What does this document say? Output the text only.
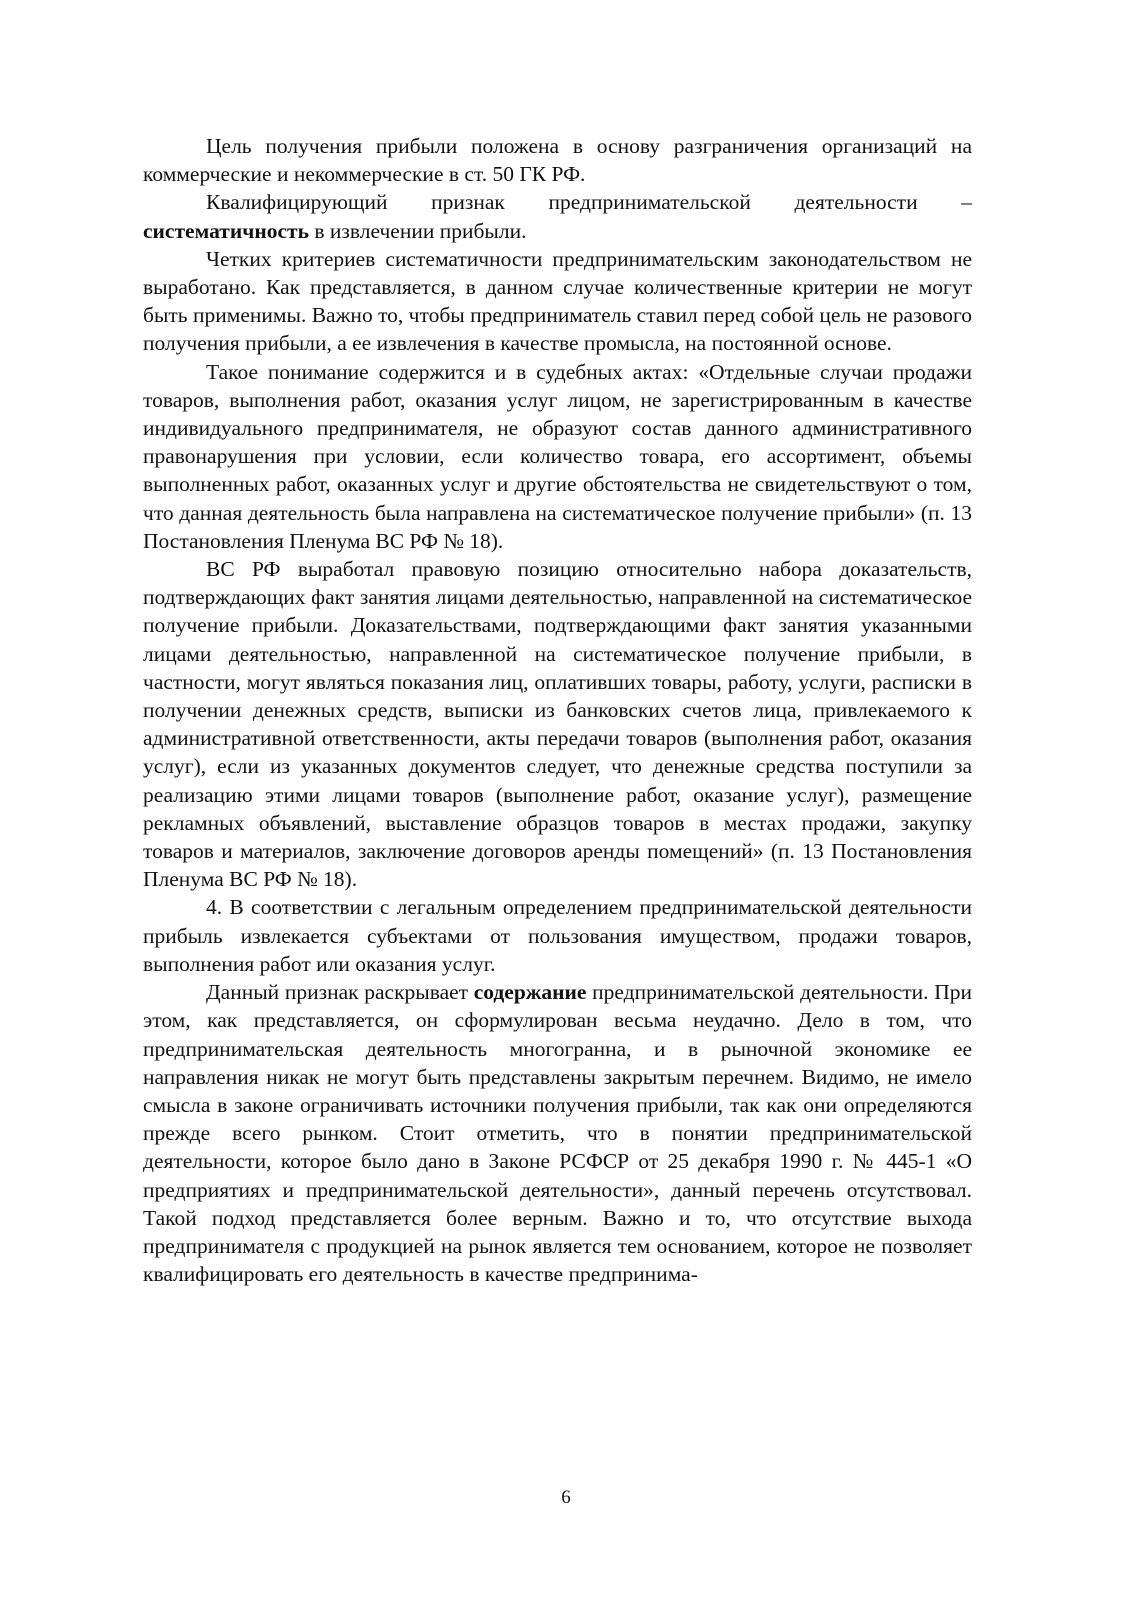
Цель получения прибыли положена в основу разграничения организаций на коммерческие и некоммерческие в ст. 50 ГК РФ.

Квалифицирующий признак предпринимательской деятельности – систематичность в извлечении прибыли.

Четких критериев систематичности предпринимательским законодательством не выработано. Как представляется, в данном случае количественные критерии не могут быть применимы. Важно то, чтобы предприниматель ставил перед собой цель не разового получения прибыли, а ее извлечения в качестве промысла, на постоянной основе.

Такое понимание содержится и в судебных актах: «Отдельные случаи продажи товаров, выполнения работ, оказания услуг лицом, не зарегистрированным в качестве индивидуального предпринимателя, не образуют состав данного административного правонарушения при условии, если количество товара, его ассортимент, объемы выполненных работ, оказанных услуг и другие обстоятельства не свидетельствуют о том, что данная деятельность была направлена на систематическое получение прибыли» (п. 13 Постановления Пленума ВС РФ № 18).

ВС РФ выработал правовую позицию относительно набора доказательств, подтверждающих факт занятия лицами деятельностью, направленной на систематическое получение прибыли. Доказательствами, подтверждающими факт занятия указанными лицами деятельностью, направленной на систематическое получение прибыли, в частности, могут являться показания лиц, оплативших товары, работу, услуги, расписки в получении денежных средств, выписки из банковских счетов лица, привлекаемого к административной ответственности, акты передачи товаров (выполнения работ, оказания услуг), если из указанных документов следует, что денежные средства поступили за реализацию этими лицами товаров (выполнение работ, оказание услуг), размещение рекламных объявлений, выставление образцов товаров в местах продажи, закупку товаров и материалов, заключение договоров аренды помещений» (п. 13 Постановления Пленума ВС РФ № 18).

4. В соответствии с легальным определением предпринимательской деятельности прибыль извлекается субъектами от пользования имуществом, продажи товаров, выполнения работ или оказания услуг.

Данный признак раскрывает содержание предпринимательской деятельности. При этом, как представляется, он сформулирован весьма неудачно. Дело в том, что предпринимательская деятельность многогранна, и в рыночной экономике ее направления никак не могут быть представлены закрытым перечнем. Видимо, не имело смысла в законе ограничивать источники получения прибыли, так как они определяются прежде всего рынком. Стоит отметить, что в понятии предпринимательской деятельности, которое было дано в Законе РСФСР от 25 декабря 1990 г. № 445-1 «О предприятиях и предпринимательской деятельности», данный перечень отсутствовал. Такой подход представляется более верным. Важно и то, что отсутствие выхода предпринимателя с продукцией на рынок является тем основанием, которое не позволяет квалифицировать его деятельность в качестве предпринима-

6
